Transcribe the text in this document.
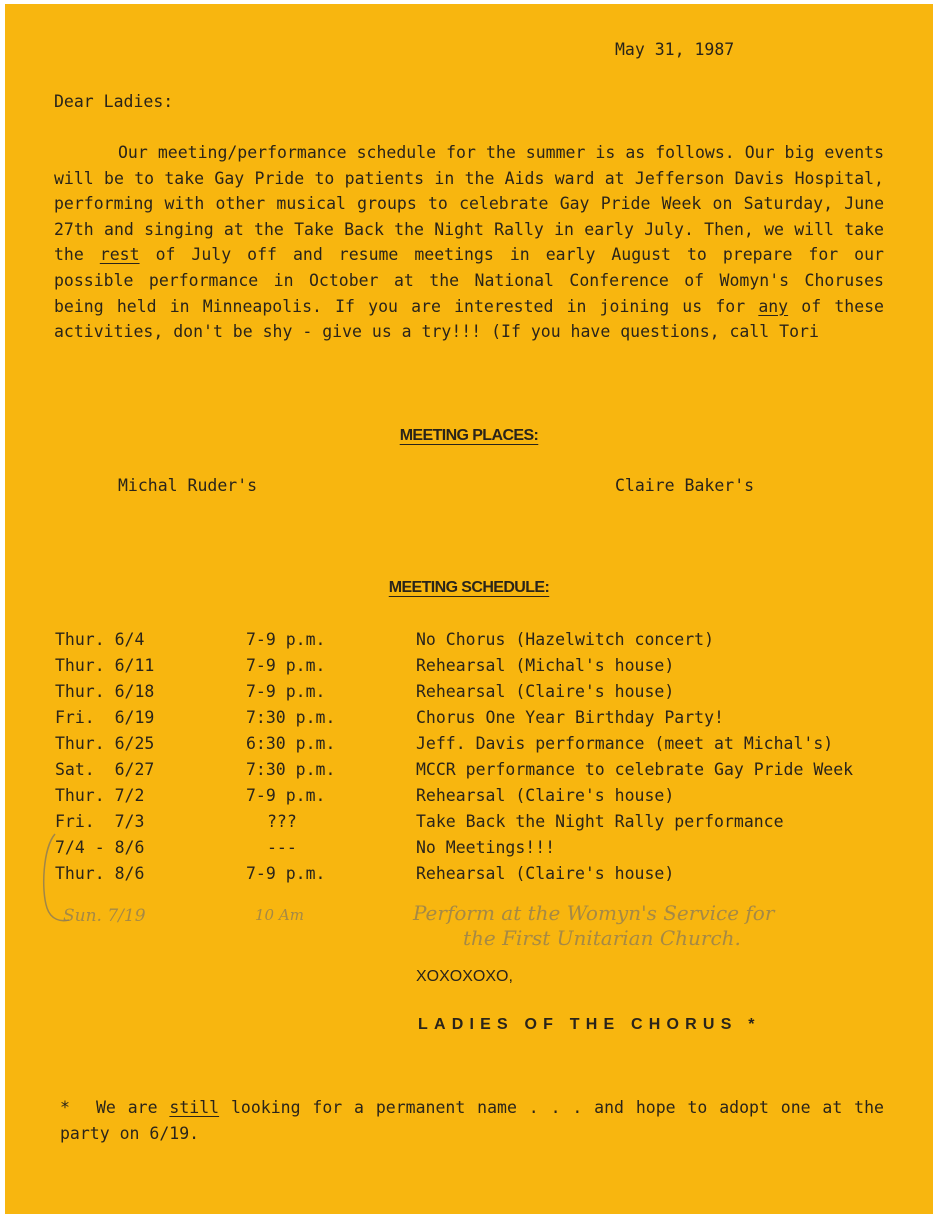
May 31, 1987
Dear Ladies:
Our meeting/performance schedule for the summer is as follows. Our big events will be to take Gay Pride to patients in the Aids ward at Jefferson Davis Hospital, performing with other musical groups to celebrate Gay Pride Week on Saturday, June 27th and singing at the Take Back the Night Rally in early July. Then, we will take the rest of July off and resume meetings in early August to prepare for our possible performance in October at the National Conference of Womyn's Choruses being held in Minneapolis. If you are interested in joining us for any of these activities, don't be shy - give us a try!!! (If you have questions, call Tori
MEETING PLACES:
Michal Ruder's	Claire Baker's
MEETING SCHEDULE:
Thur. 6/4	7-9 p.m.	No Chorus (Hazelwitch concert)
Thur. 6/11	7-9 p.m.	Rehearsal (Michal's house)
Thur. 6/18	7-9 p.m.	Rehearsal (Claire's house)
Fri.  6/19	7:30 p.m.	Chorus One Year Birthday Party!
Thur. 6/25	6:30 p.m.	Jeff. Davis performance (meet at Michal's)
Sat.  6/27	7:30 p.m.	MCCR performance to celebrate Gay Pride Week
Thur. 7/2	7-9 p.m.	Rehearsal (Claire's house)
Fri.  7/3	???	Take Back the Night Rally performance
7/4 - 8/6	---	No Meetings!!!
Thur. 8/6	7-9 p.m.	Rehearsal (Claire's house)
Sun. 7/19	10 Am	Perform at the Womyn's Service for
the First Unitarian Church.
XOXOXOXO,
LADIES OF THE CHORUS *
* We are still looking for a permanent name . . . and hope to adopt one at the party on 6/19.
